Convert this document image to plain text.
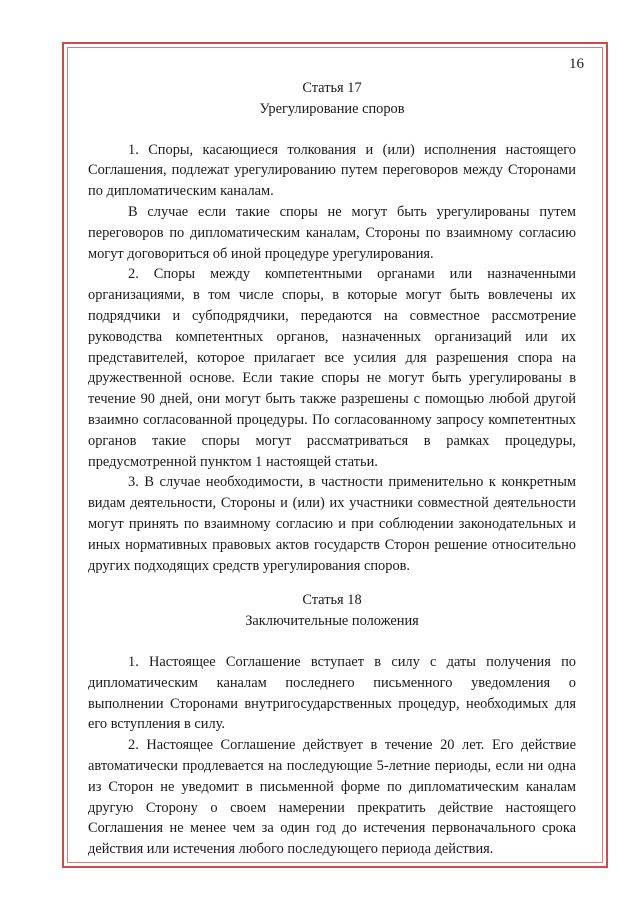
16

Статья 17

Урегулирование споров

1. Споры, касающиеся толкования и (или) исполнения настоящего Соглашения, подлежат урегулированию путем переговоров между Сторонами по дипломатическим каналам.

В случае если такие споры не могут быть урегулированы путем переговоров по дипломатическим каналам, Стороны по взаимному согласию могут договориться об иной процедуре урегулирования.

2. Споры между компетентными органами или назначенными организациями, в том числе споры, в которые могут быть вовлечены их подрядчики и субподрядчики, передаются на совместное рассмотрение руководства компетентных органов, назначенных организаций или их представителей, которое прилагает все усилия для разрешения спора на дружественной основе. Если такие споры не могут быть урегулированы в течение 90 дней, они могут быть также разрешены с помощью любой другой взаимно согласованной процедуры. По согласованному запросу компетентных органов такие споры могут рассматриваться в рамках процедуры, предусмотренной пунктом 1 настоящей статьи.

3. В случае необходимости, в частности применительно к конкретным видам деятельности, Стороны и (или) их участники совместной деятельности могут принять по взаимному согласию и при соблюдении законодательных и иных нормативных правовых актов государств Сторон решение относительно других подходящих средств урегулирования споров.

Статья 18

Заключительные положения

1. Настоящее Соглашение вступает в силу с даты получения по дипломатическим каналам последнего письменного уведомления о выполнении Сторонами внутригосударственных процедур, необходимых для его вступления в силу.

2. Настоящее Соглашение действует в течение 20 лет. Его действие автоматически продлевается на последующие 5-летние периоды, если ни одна из Сторон не уведомит в письменной форме по дипломатическим каналам другую Сторону о своем намерении прекратить действие настоящего Соглашения не менее чем за один год до истечения первоначального срока действия или истечения любого последующего периода действия.
